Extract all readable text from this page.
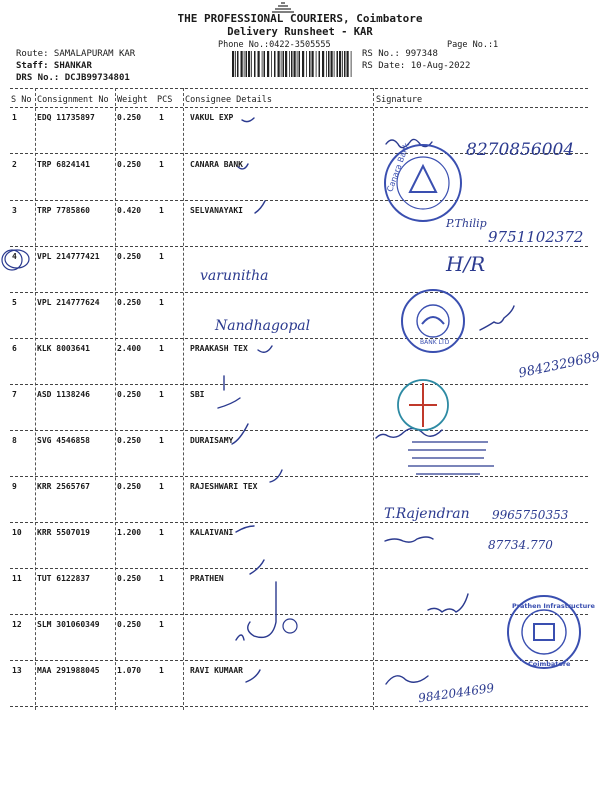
THE PROFESSIONAL COURIERS, Coimbatore
Delivery Runsheet - KAR
Phone No.:0422-3505555	Page No.:1
Route: SAMALAPURAM KAR
Staff: SHANKAR
DRS No.: DCJB99734801
RS No.: 997348
RS Date: 10-Aug-2022
S No Consignment No Weight PCS Consignee Details	Signature
1	EDQ 11735897	0.250 1	VAKUL EXP
2	TRP 6824141	0.250 1	CANARA BANK
3	TRP 7785860	0.420 1	SELVANAYAKI
4	VPL 214777421 0.250 1
5	VPL 214777624 0.250 1
6	KLK 8003641	2.400 1	PRAAKASH TEX
7	ASD 1138246	0.250 1	SBI
8	SVG 4546858	0.250 1	DURAISAMY
9	KRR 2565767	0.250 1	RAJESHWARI TEX
10 KRR 5507019	1.200 1	KALAIVANI
11 TUT 6122837	0.250 1	PRATHEN
12 SLM 301060349 0.250 1
13 MAA 291988045 1.070 1	RAVI KUMAAR
8270856004
P.Thilip
9751102372
H/R
varunitha
Nandhagopal
9842329689
T.Rajendran 9965750353
87734.770
9842044699
Canara Bank
BANK LTD
Prathen Infrastructure
Coimbatore
